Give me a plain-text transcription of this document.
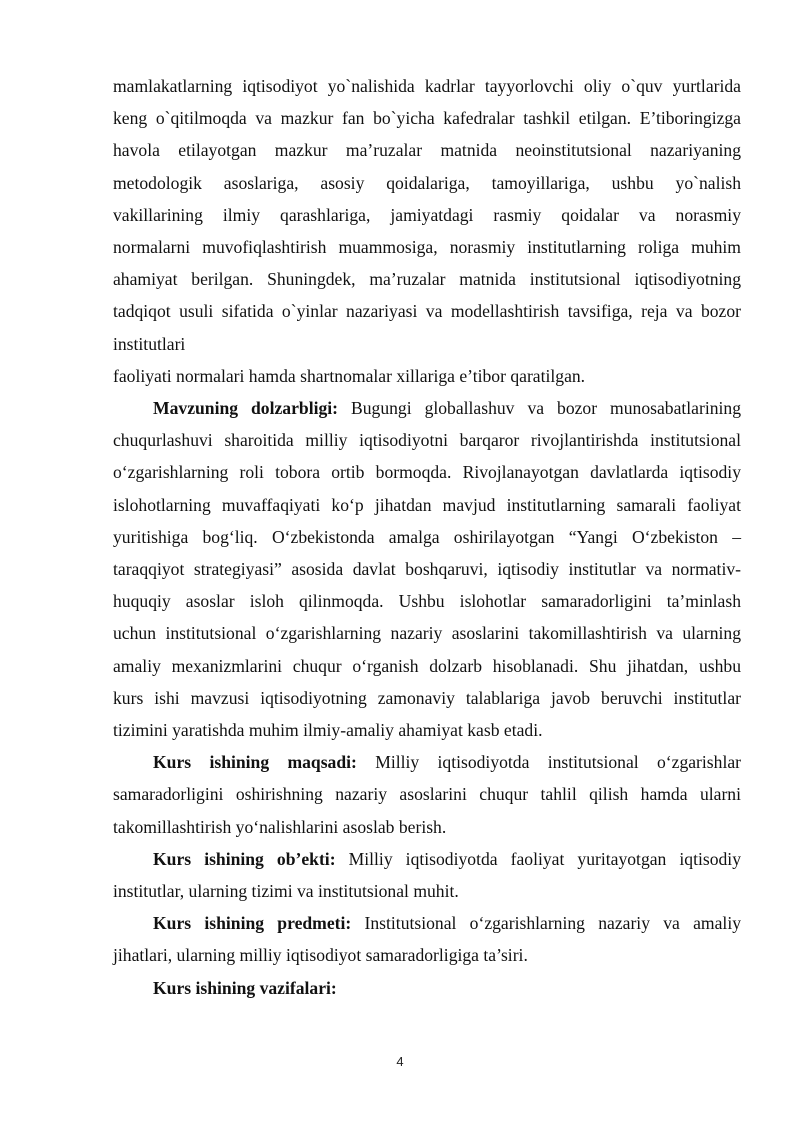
mamlakatlarning iqtisodiyot yo`nalishida kadrlar tayyorlovchi oliy o`quv yurtlarida
keng o`qitilmoqda va mazkur fan bo`yicha kafedralar tashkil etilgan. E’tiboringizga
havola etilayotgan mazkur ma’ruzalar matnida neoinstitutsional nazariyaning
metodologik asoslariga, asosiy qoidalariga, tamoyillariga, ushbu yo`nalish
vakillarining ilmiy qarashlariga, jamiyatdagi rasmiy qoidalar va norasmiy
normalarni muvofiqlashtirish muammosiga, norasmiy institutlarning roliga muhim
ahamiyat berilgan. Shuningdek, ma’ruzalar matnida institutsional iqtisodiyotning
tadqiqot usuli sifatida o`yinlar nazariyasi va modellashtirish tavsifiga, reja va bozor
institutlari
faoliyati normalari hamda shartnomalar xillariga e’tibor qaratilgan.

Mavzuning dolzarbligi: Bugungi globallashuv va bozor munosabatlarining
chuqurlashuvi sharoitida milliy iqtisodiyotni barqaror rivojlantirishda institutsional
o‘zgarishlarning roli tobora ortib bormoqda. Rivojlanayotgan davlatlarda iqtisodiy
islohotlarning muvaffaqiyati ko‘p jihatdan mavjud institutlarning samarali faoliyat
yuritishiga bog‘liq. O‘zbekistonda amalga oshirilayotgan “Yangi O‘zbekiston –
taraqqiyot strategiyasi” asosida davlat boshqaruvi, iqtisodiy institutlar va normativ-
huquqiy asoslar isloh qilinmoqda. Ushbu islohotlar samaradorligini ta’minlash
uchun institutsional o‘zgarishlarning nazariy asoslarini takomillashtirish va ularning
amaliy mexanizmlarini chuqur o‘rganish dolzarb hisoblanadi. Shu jihatdan, ushbu
kurs ishi mavzusi iqtisodiyotning zamonaviy talablariga javob beruvchi institutlar
tizimini yaratishda muhim ilmiy-amaliy ahamiyat kasb etadi.

Kurs ishining maqsadi: Milliy iqtisodiyotda institutsional o‘zgarishlar
samaradorligini oshirishning nazariy asoslarini chuqur tahlil qilish hamda ularni
takomillashtirish yo‘nalishlarini asoslab berish.

Kurs ishining ob’ekti: Milliy iqtisodiyotda faoliyat yuritayotgan iqtisodiy
institutlar, ularning tizimi va institutsional muhit.

Kurs ishining predmeti: Institutsional o‘zgarishlarning nazariy va amaliy
jihatlari, ularning milliy iqtisodiyot samaradorligiga ta’siri.

Kurs ishining vazifalari:

4
